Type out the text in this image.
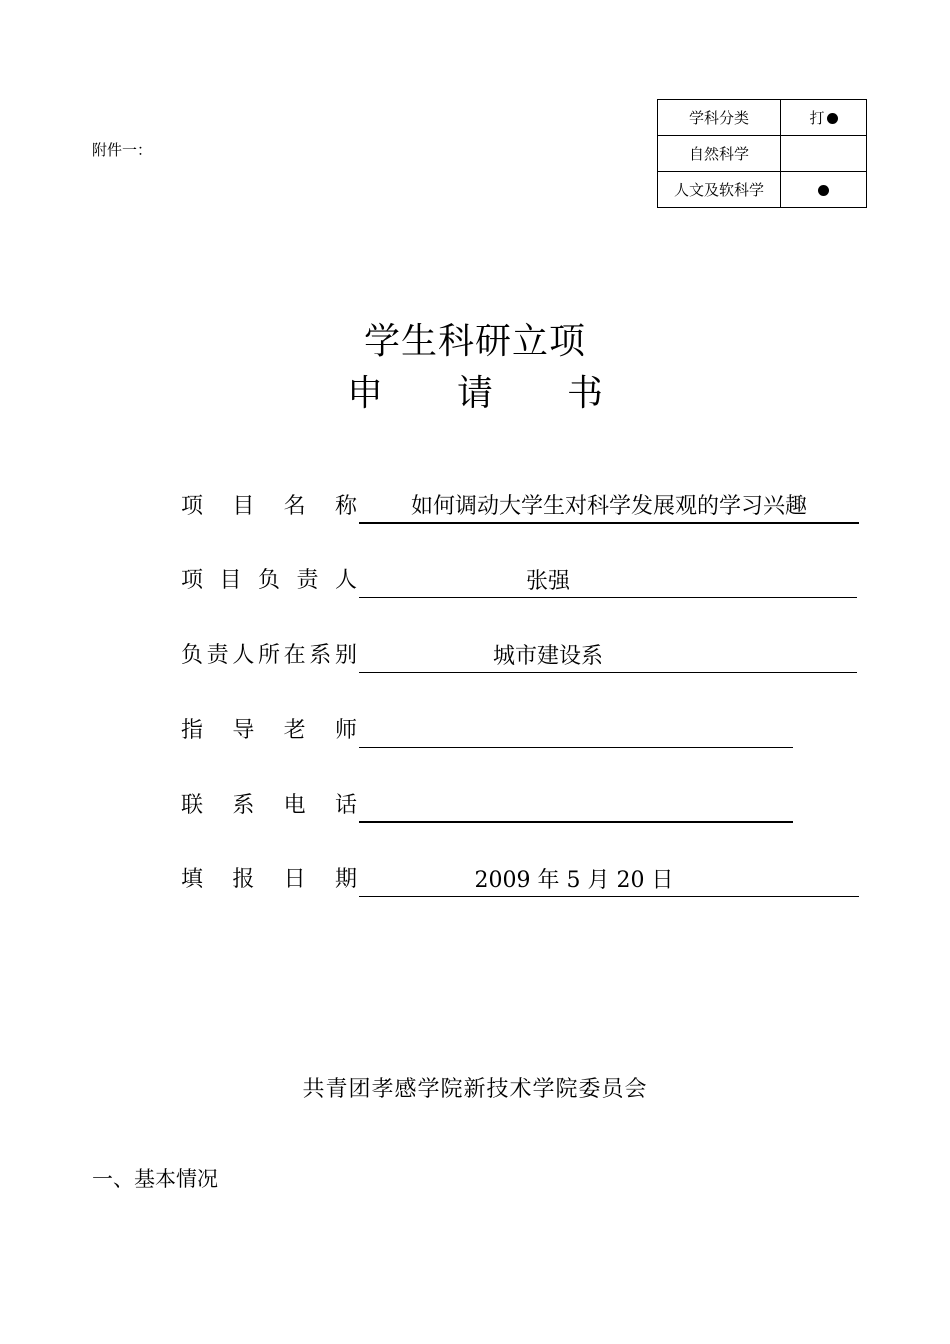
附件一：
学科分类	打
自然科学	
人文及软科学	
学生科研立项
申 请 书
项 目 名 称	如何调动大学生对科学发展观的学习兴趣
项 目 负 责 人	张强
负 责 人 所 在 系 别	城市建设系
指 导 老 师
联 系 电 话
填 报 日 期	2009 年 5 月 20 日
共青团孝感学院新技术学院委员会
一、基本情况
